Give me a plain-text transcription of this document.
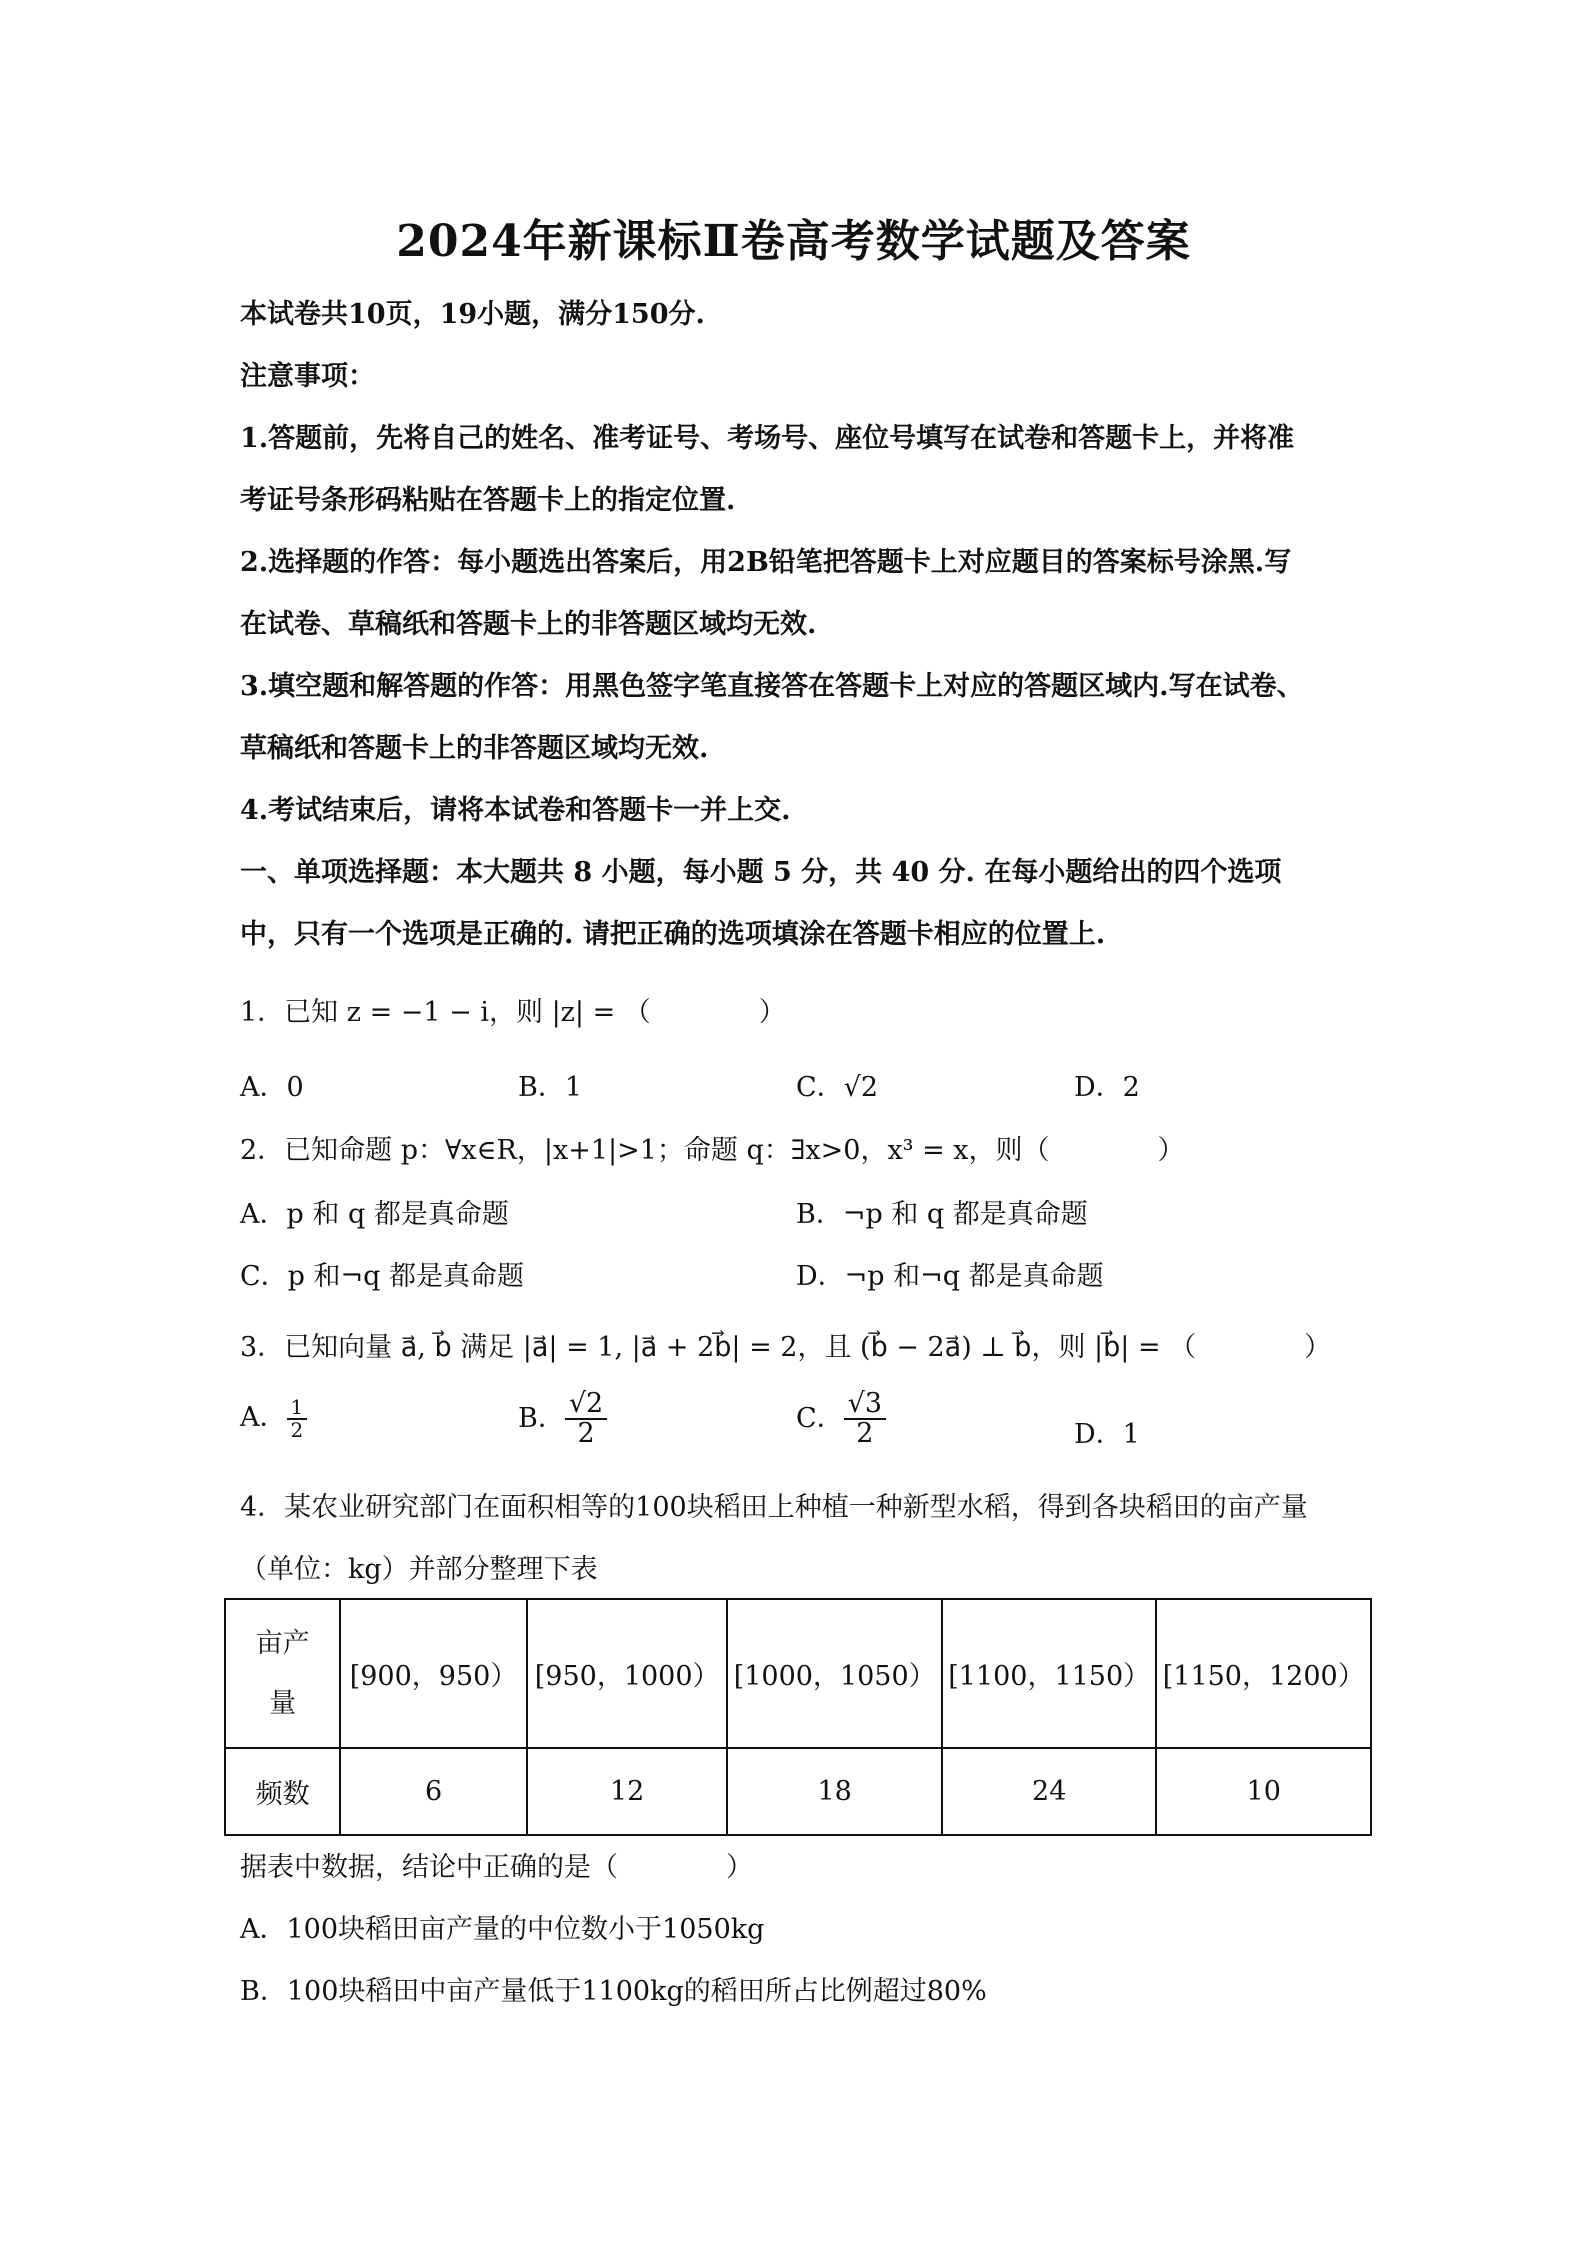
2024年新课标Ⅱ卷高考数学试题及答案
本试卷共10页，19小题，满分150分.
注意事项：
1.答题前，先将自己的姓名、准考证号、考场号、座位号填写在试卷和答题卡上，并将准
考证号条形码粘贴在答题卡上的指定位置.
2.选择题的作答：每小题选出答案后，用2B铅笔把答题卡上对应题目的答案标号涂黑.写
在试卷、草稿纸和答题卡上的非答题区域均无效.
3.填空题和解答题的作答：用黑色签字笔直接答在答题卡上对应的答题区域内.写在试卷、
草稿纸和答题卡上的非答题区域均无效.
4.考试结束后，请将本试卷和答题卡一并上交.
一、单项选择题：本大题共 8 小题，每小题 5 分，共 40 分. 在每小题给出的四个选项
中，只有一个选项是正确的. 请把正确的选项填涂在答题卡相应的位置上.
1．已知 z = −1 − i，则 |z| = （　　　　）
A．0	B．1	C．√2	D．2
2．已知命题 p：∀x∈R，|x+1|>1；命题 q：∃x>0，x³ = x，则（　　　　）
A．p 和 q 都是真命题	B．¬p 和 q 都是真命题
C．p 和¬q 都是真命题	D．¬p 和¬q 都是真命题
3．已知向量 a⃗, b⃗ 满足 |a⃗| = 1, |a⃗ + 2b⃗| = 2，且 (b⃗ − 2a⃗) ⊥ b⃗，则 |b⃗| = （　　　　）
A． $\frac{1}{2}$	B． $\frac{√2}{2}$	C． $\frac{√3}{2}$	D．1
4．某农业研究部门在面积相等的100块稻田上种植一种新型水稻，得到各块稻田的亩产量
（单位：kg）并部分整理下表
亩产量	[900，950）	[950，1000）	[1000，1050）	[1100，1150）	[1150，1200）
频数	6	12	18	24	10
据表中数据，结论中正确的是（　　　　）
A．100块稻田亩产量的中位数小于1050kg
B．100块稻田中亩产量低于1100kg的稻田所占比例超过80%
